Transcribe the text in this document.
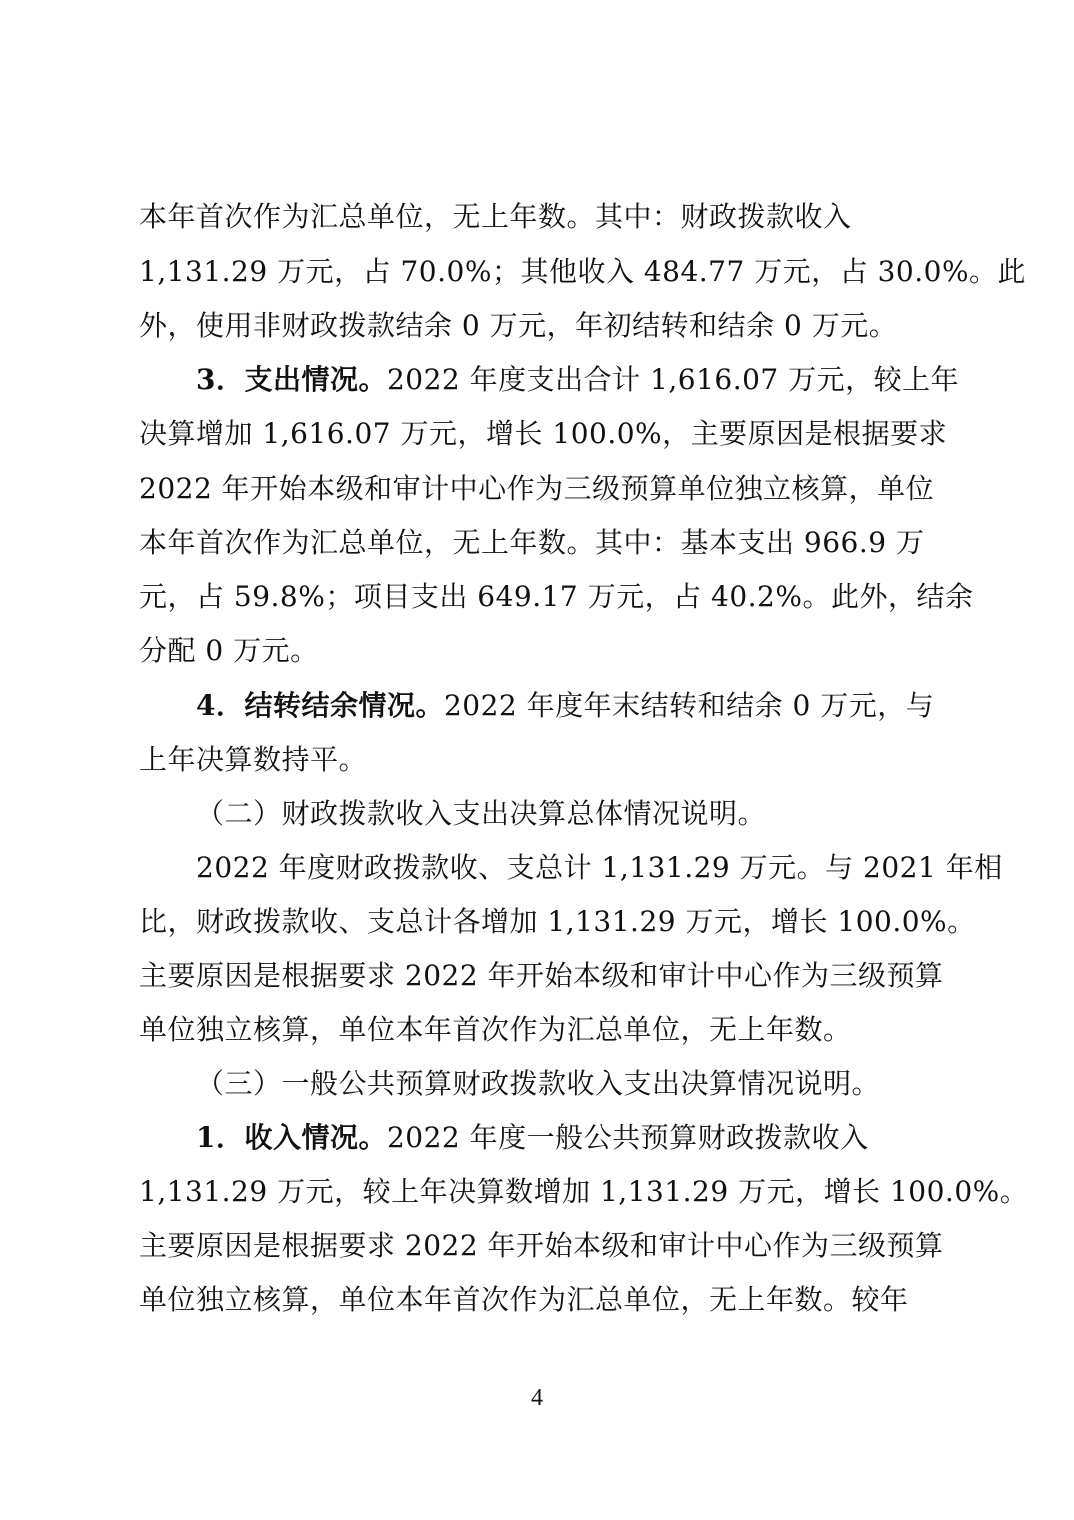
本年首次作为汇总单位，无上年数。其中：财政拨款收入
1,131.29 万元，占 70.0%；其他收入 484.77 万元，占 30.0%。此
外，使用非财政拨款结余 0 万元，年初结转和结余 0 万元。
3．支出情况。2022 年度支出合计 1,616.07 万元，较上年
决算增加 1,616.07 万元，增长 100.0%，主要原因是根据要求
2022 年开始本级和审计中心作为三级预算单位独立核算，单位
本年首次作为汇总单位，无上年数。其中：基本支出 966.9 万
元，占 59.8%；项目支出 649.17 万元，占 40.2%。此外，结余
分配 0 万元。
4．结转结余情况。2022 年度年末结转和结余 0 万元，与
上年决算数持平。
（二）财政拨款收入支出决算总体情况说明。
2022 年度财政拨款收、支总计 1,131.29 万元。与 2021 年相
比，财政拨款收、支总计各增加 1,131.29 万元，增长 100.0%。
主要原因是根据要求 2022 年开始本级和审计中心作为三级预算
单位独立核算，单位本年首次作为汇总单位，无上年数。
（三）一般公共预算财政拨款收入支出决算情况说明。
1．收入情况。2022 年度一般公共预算财政拨款收入
1,131.29 万元，较上年决算数增加 1,131.29 万元，增长 100.0%。
主要原因是根据要求 2022 年开始本级和审计中心作为三级预算
单位独立核算，单位本年首次作为汇总单位，无上年数。较年
4
